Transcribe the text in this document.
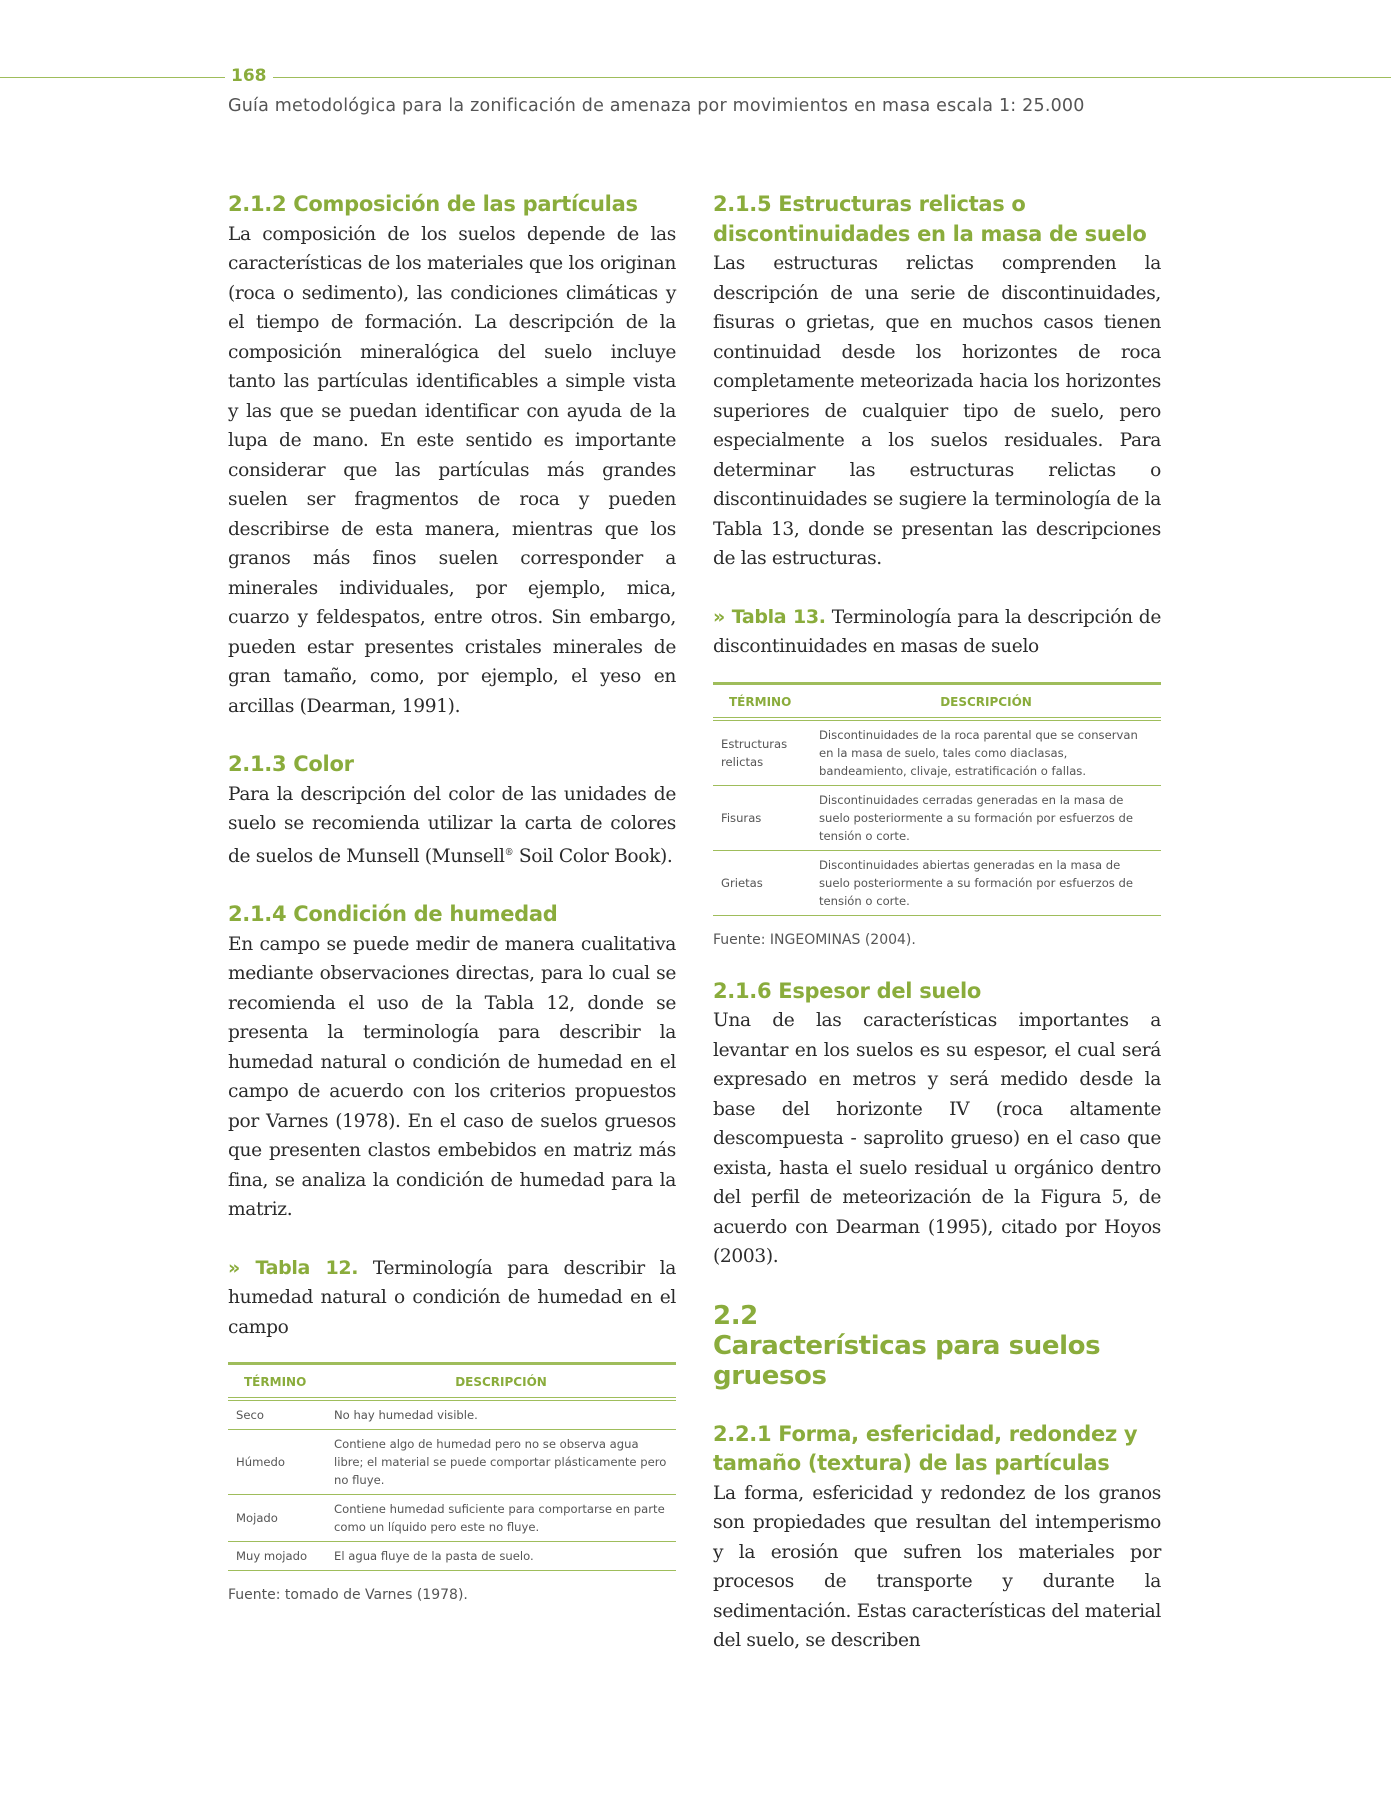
168
Guía metodológica para la zonificación de amenaza por movimientos en masa escala 1: 25.000
2.1.2 Composición de las partículas

La composición de los suelos depende de las características de los materiales que los originan (roca o sedimento), las condiciones climáticas y el tiempo de formación. La descripción de la composición mineralógica del suelo incluye tanto las partículas identificables a simple vista y las que se puedan identificar con ayuda de la lupa de mano. En este sentido es importante considerar que las partículas más grandes suelen ser fragmentos de roca y pueden describirse de esta manera, mientras que los granos más finos suelen corresponder a minerales individuales, por ejemplo, mica, cuarzo y feldespatos, entre otros. Sin embargo, pueden estar presentes cristales minerales de gran tamaño, como, por ejemplo, el yeso en arcillas (Dearman, 1991).

2.1.3 Color

Para la descripción del color de las unidades de suelo se recomienda utilizar la carta de colores de suelos de Munsell (Munsell® Soil Color Book).

2.1.4 Condición de humedad

En campo se puede medir de manera cualitativa mediante observaciones directas, para lo cual se recomienda el uso de la Tabla 12, donde se presenta la terminología para describir la humedad natural o condición de humedad en el campo de acuerdo con los criterios propuestos por Varnes (1978). En el caso de suelos gruesos que presenten clastos embebidos en matriz más fina, se analiza la condición de humedad para la matriz.

» Tabla 12. Terminología para describir la humedad natural o condición de humedad en el campo

TÉRMINO	DESCRIPCIÓN
Seco	No hay humedad visible.
Húmedo	Contiene algo de humedad pero no se observa agua libre; el material se puede comportar plásticamente pero no fluye.
Mojado	Contiene humedad suficiente para comportarse en parte como un líquido pero este no fluye.
Muy mojado	El agua fluye de la pasta de suelo.
Fuente: tomado de Varnes (1978).
2.1.5 Estructuras relictas o discontinuidades en la masa de suelo

Las estructuras relictas comprenden la descripción de una serie de discontinuidades, fisuras o grietas, que en muchos casos tienen continuidad desde los horizontes de roca completamente meteorizada hacia los horizontes superiores de cualquier tipo de suelo, pero especialmente a los suelos residuales. Para determinar las estructuras relictas o discontinuidades se sugiere la terminología de la Tabla 13, donde se presentan las descripciones de las estructuras.

» Tabla 13. Terminología para la descripción de discontinuidades en masas de suelo

TÉRMINO	DESCRIPCIÓN
Estructuras relictas	Discontinuidades de la roca parental que se conservan en la masa de suelo, tales como diaclasas, bandeamiento, clivaje, estratificación o fallas.
Fisuras	Discontinuidades cerradas generadas en la masa de suelo posteriormente a su formación por esfuerzos de tensión o corte.
Grietas	Discontinuidades abiertas generadas en la masa de suelo posteriormente a su formación por esfuerzos de tensión o corte.
Fuente: INGEOMINAS (2004).
2.1.6 Espesor del suelo

Una de las características importantes a levantar en los suelos es su espesor, el cual será expresado en metros y será medido desde la base del horizonte IV (roca altamente descompuesta - saprolito grueso) en el caso que exista, hasta el suelo residual u orgánico dentro del perfil de meteorización de la Figura 5, de acuerdo con Dearman (1995), citado por Hoyos (2003).

2.2
Características para suelos gruesos
2.2.1 Forma, esfericidad, redondez y tamaño (textura) de las partículas

La forma, esfericidad y redondez de los granos son propiedades que resultan del intemperismo y la erosión que sufren los materiales por procesos de transporte y durante la sedimentación. Estas características del material del suelo, se describen
